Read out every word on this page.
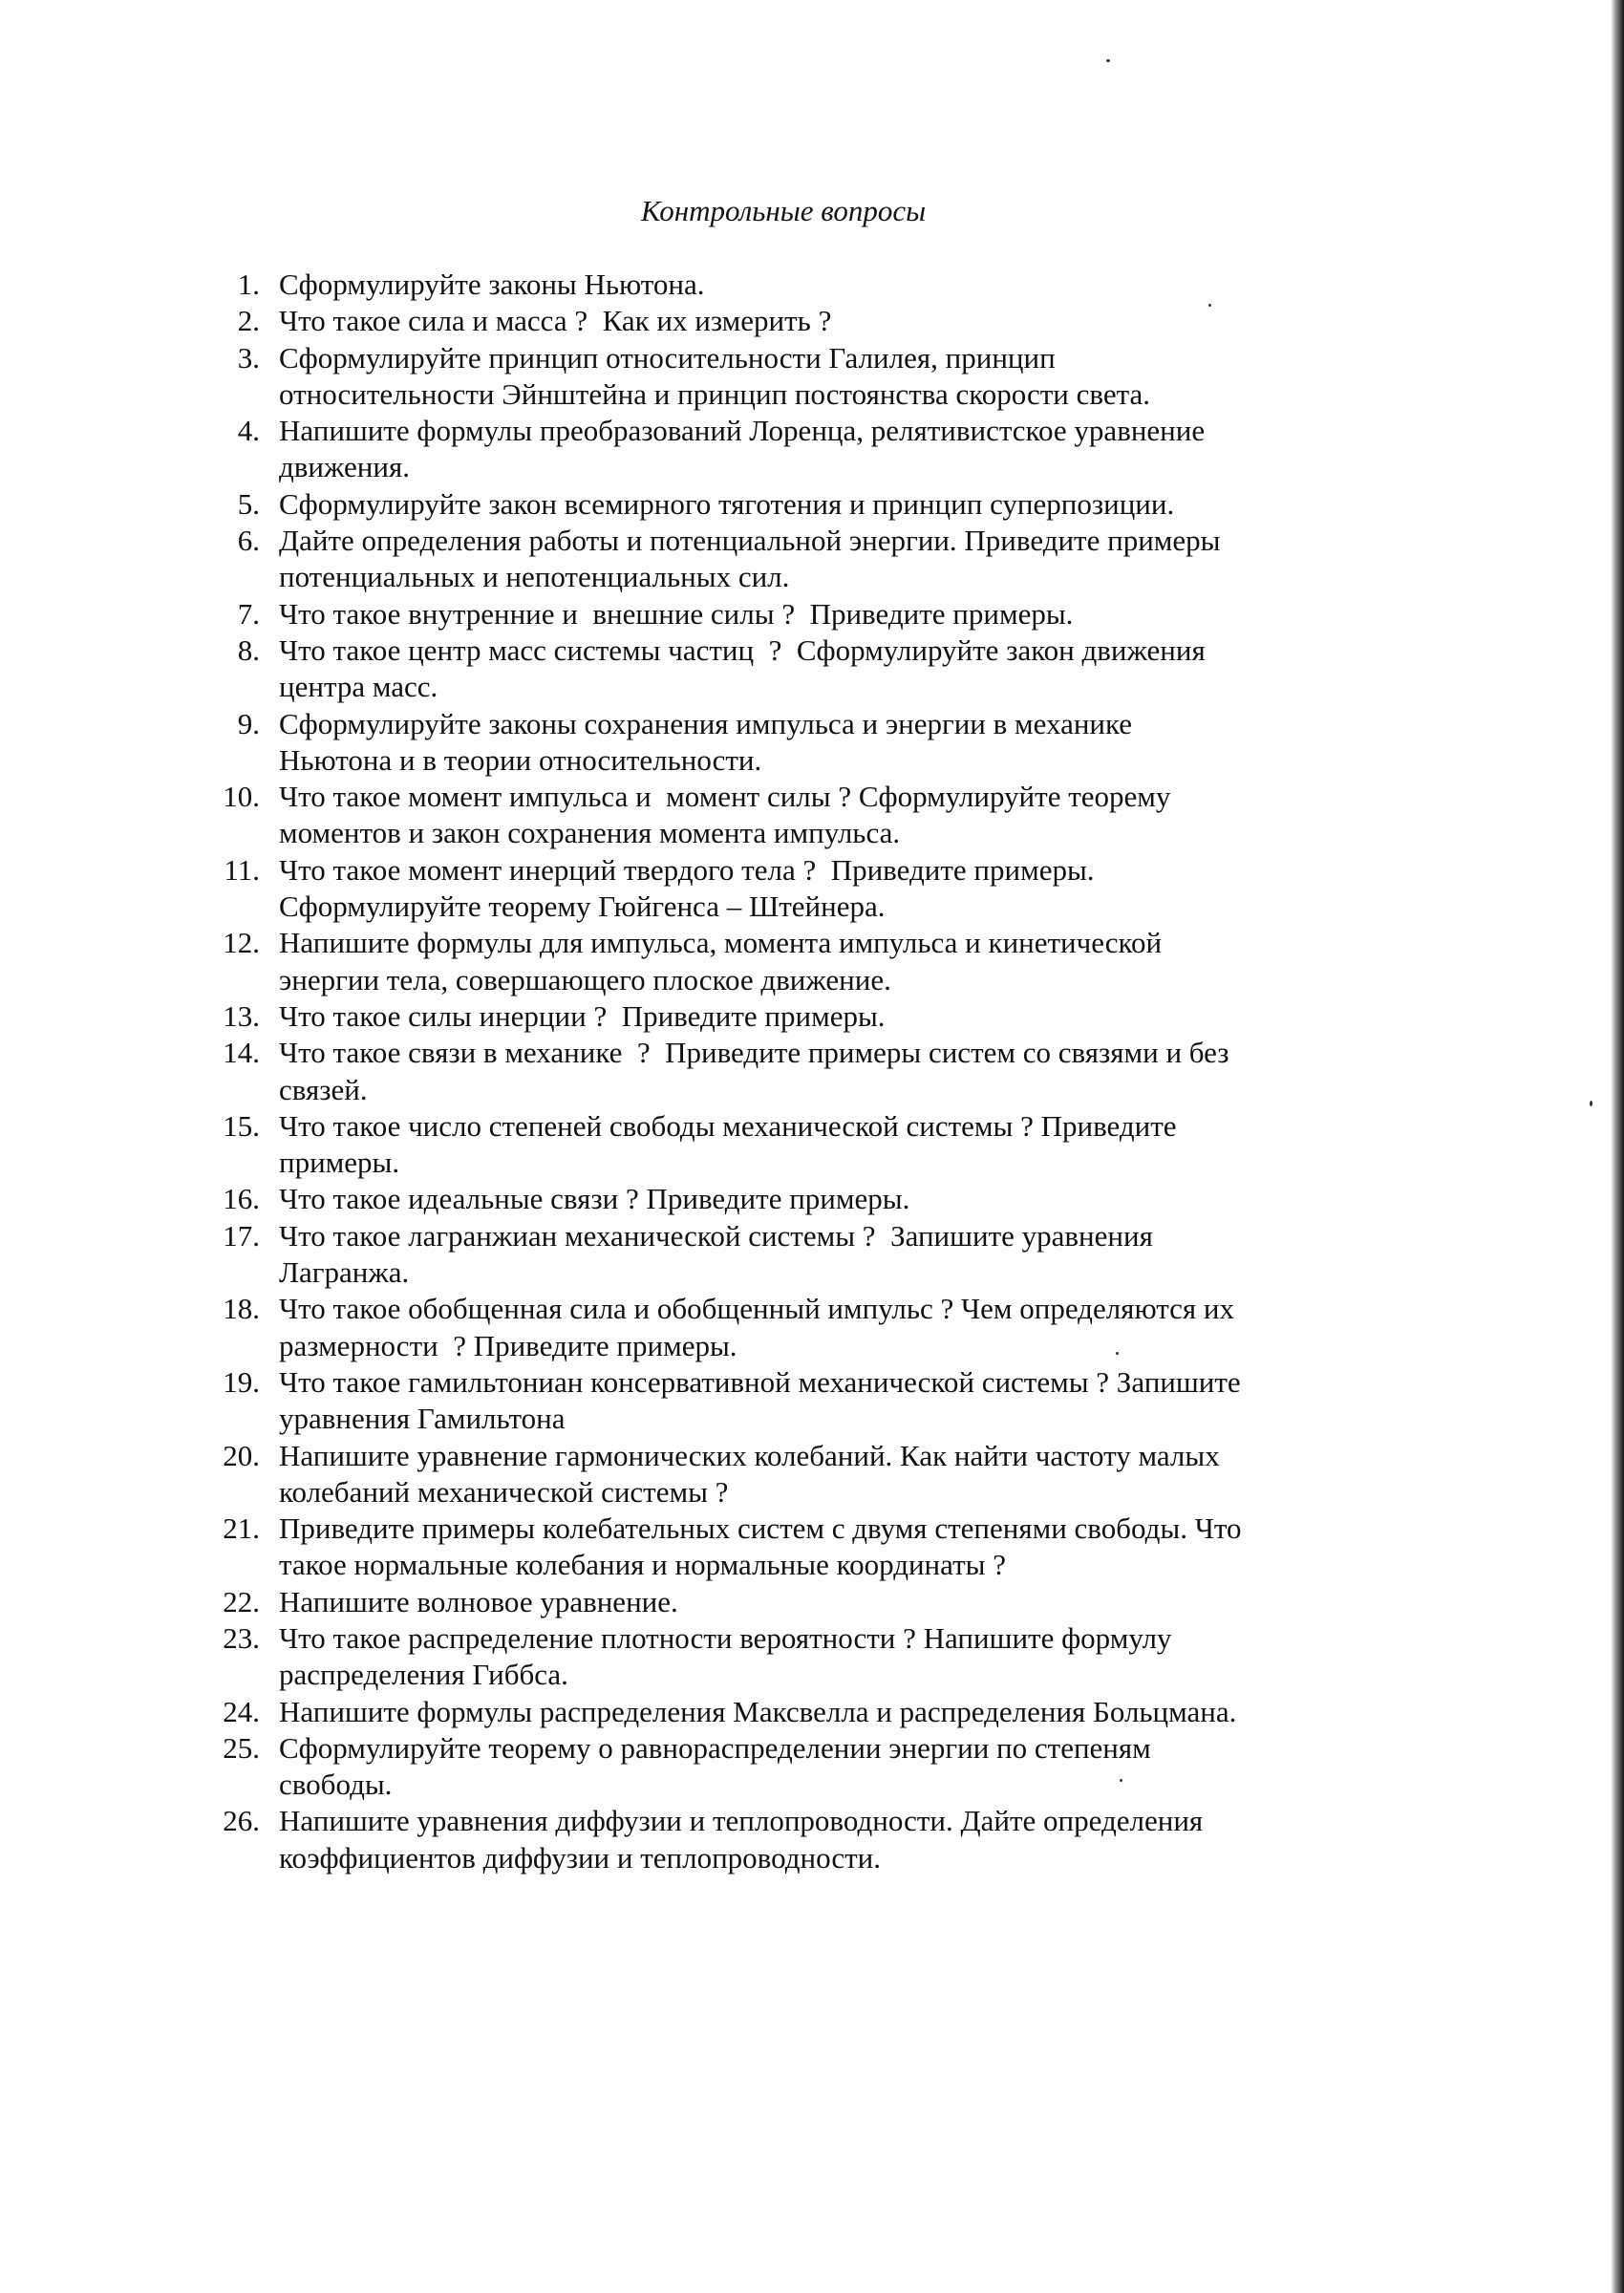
Контрольные вопросы
1. Сформулируйте законы Ньютона.
2. Что такое сила и масса ?  Как их измерить ?
3. Сформулируйте принцип относительности Галилея, принцип
относительности Эйнштейна и принцип постоянства скорости света.
4. Напишите формулы преобразований Лоренца, релятивистское уравнение
движения.
5. Сформулируйте закон всемирного тяготения и принцип суперпозиции.
6. Дайте определения работы и потенциальной энергии. Приведите примеры
потенциальных и непотенциальных сил.
7. Что такое внутренние и  внешние силы ?  Приведите примеры.
8. Что такое центр масс системы частиц  ?  Сформулируйте закон движения
центра масс.
9. Сформулируйте законы сохранения импульса и энергии в механике
Ньютона и в теории относительности.
10. Что такое момент импульса и  момент силы ? Сформулируйте теорему
моментов и закон сохранения момента импульса.
11. Что такое момент инерций твердого тела ?  Приведите примеры.
Сформулируйте теорему Гюйгенса – Штейнера.
12. Напишите формулы для импульса, момента импульса и кинетической
энергии тела, совершающего плоское движение.
13. Что такое силы инерции ?  Приведите примеры.
14. Что такое связи в механике  ?  Приведите примеры систем со связями и без
связей.
15. Что такое число степеней свободы механической системы ? Приведите
примеры.
16. Что такое идеальные связи ? Приведите примеры.
17. Что такое лагранжиан механической системы ?  Запишите уравнения
Лагранжа.
18. Что такое обобщенная сила и обобщенный импульс ? Чем определяются их
размерности  ? Приведите примеры.
19. Что такое гамильтониан консервативной механической системы ? Запишите
уравнения Гамильтона
20. Напишите уравнение гармонических колебаний. Как найти частоту малых
колебаний механической системы ?
21. Приведите примеры колебательных систем с двумя степенями свободы. Что
такое нормальные колебания и нормальные координаты ?
22. Напишите волновое уравнение.
23. Что такое распределение плотности вероятности ? Напишите формулу
распределения Гиббса.
24. Напишите формулы распределения Максвелла и распределения Больцмана.
25. Сформулируйте теорему о равнораспределении энергии по степеням
свободы.
26. Напишите уравнения диффузии и теплопроводности. Дайте определения
коэффициентов диффузии и теплопроводности.
